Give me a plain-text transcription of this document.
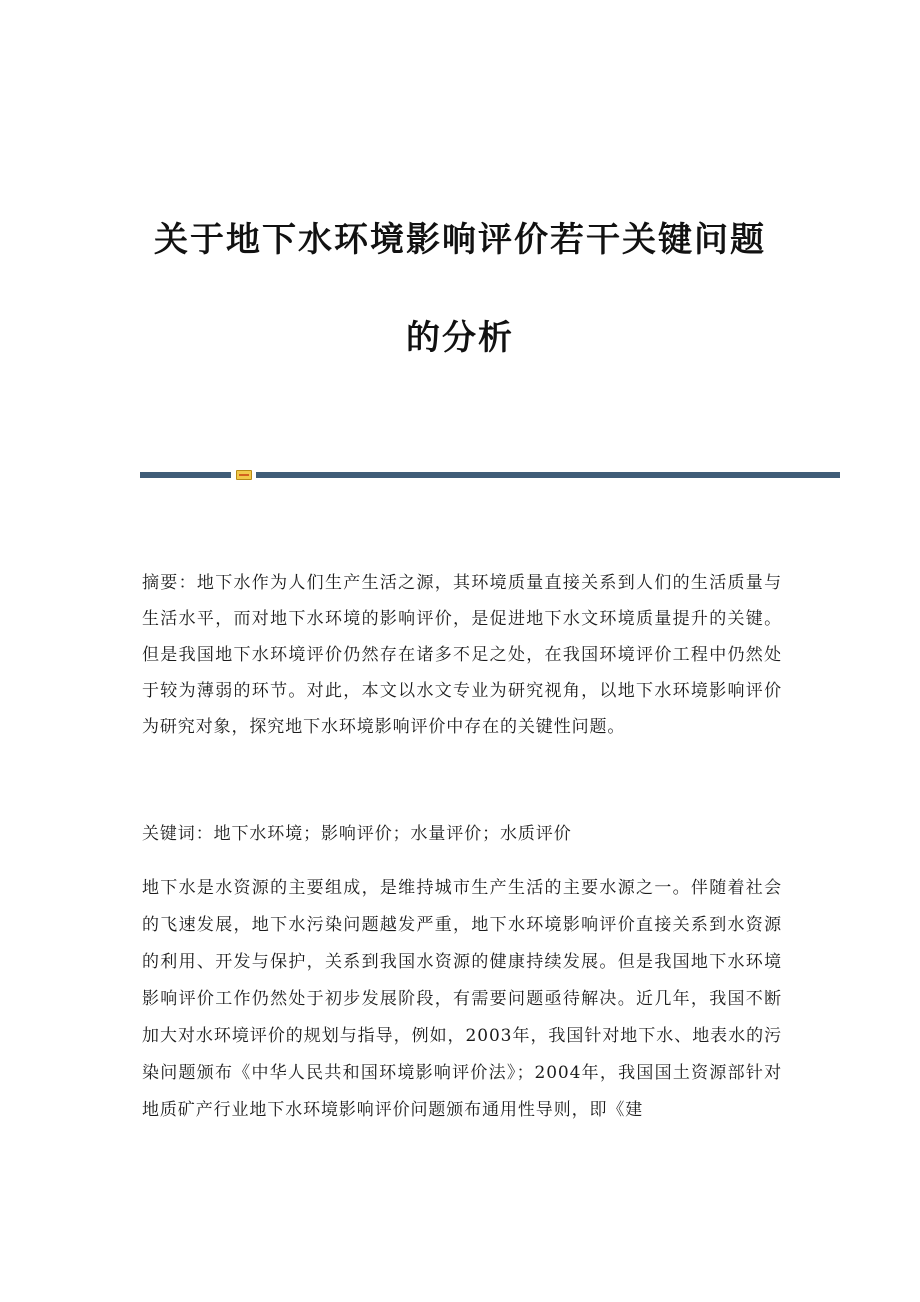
关于地下水环境影响评价若干关键问题
的分析

摘要：地下水作为人们生产生活之源，其环境质量直接关系到人们的生活质量与生活水平，而对地下水环境的影响评价，是促进地下水文环境质量提升的关键。但是我国地下水环境评价仍然存在诸多不足之处，在我国环境评价工程中仍然处于较为薄弱的环节。对此，本文以水文专业为研究视角，以地下水环境影响评价为研究对象，探究地下水环境影响评价中存在的关键性问题。

关键词：地下水环境；影响评价；水量评价；水质评价

地下水是水资源的主要组成，是维持城市生产生活的主要水源之一。伴随着社会的飞速发展，地下水污染问题越发严重，地下水环境影响评价直接关系到水资源的利用、开发与保护，关系到我国水资源的健康持续发展。但是我国地下水环境影响评价工作仍然处于初步发展阶段，有需要问题亟待解决。近几年，我国不断加大对水环境评价的规划与指导，例如，2003年，我国针对地下水、地表水的污染问题颁布《中华人民共和国环境影响评价法》；2004年，我国国土资源部针对地质矿产行业地下水环境影响评价问题颁布通用性导则，即《建
